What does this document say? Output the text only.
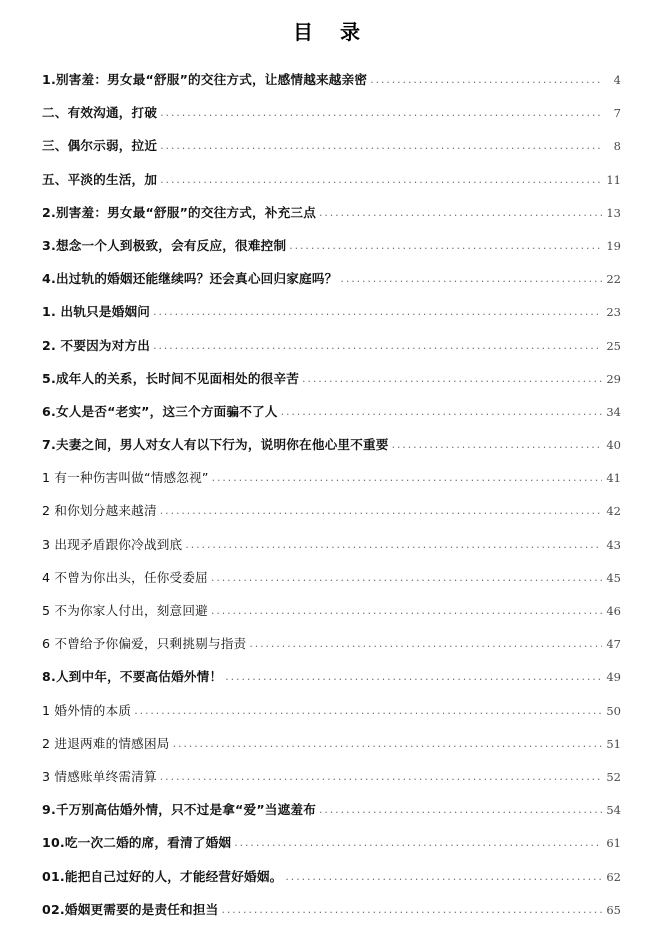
目 录
1.别害羞：男女最“舒服”的交往方式，让感情越来越亲密 .....	4
二、有效沟通，打破 .....	7
三、偶尔示弱，拉近 .....	8
五、平淡的生活，加 .....	11
2.别害羞：男女最“舒服”的交往方式，补充三点 .....	13
3.想念一个人到极致，会有反应，很难控制 .....	19
4.出过轨的婚姻还能继续吗？还会真心回归家庭吗？ .....	22
1. 出轨只是婚姻问 .....	23
2. 不要因为对方出 .....	25
5.成年人的关系，长时间不见面相处的很辛苦 .....	29
6.女人是否“老实”，这三个方面骗不了人 .....	34
7.夫妻之间，男人对女人有以下行为，说明你在他心里不重要 .....	40
1 有一种伤害叫做“情感忽视” .....	41
2 和你划分越来越清 .....	42
3 出现矛盾跟你冷战到底 .....	43
4 不曾为你出头，任你受委屈 .....	45
5 不为你家人付出，刻意回避 .....	46
6 不曾给予你偏爱，只剩挑剔与指责 .....	47
8.人到中年，不要高估婚外情！ .....	49
1 婚外情的本质 .....	50
2 进退两难的情感困局 .....	51
3 情感账单终需清算 .....	52
9.千万别高估婚外情，只不过是拿“爱”当遮羞布 .....	54
10.吃一次二婚的席，看清了婚姻 .....	61
01.能把自己过好的人，才能经营好婚姻。 .....	62
02.婚姻更需要的是责任和担当 .....	65
